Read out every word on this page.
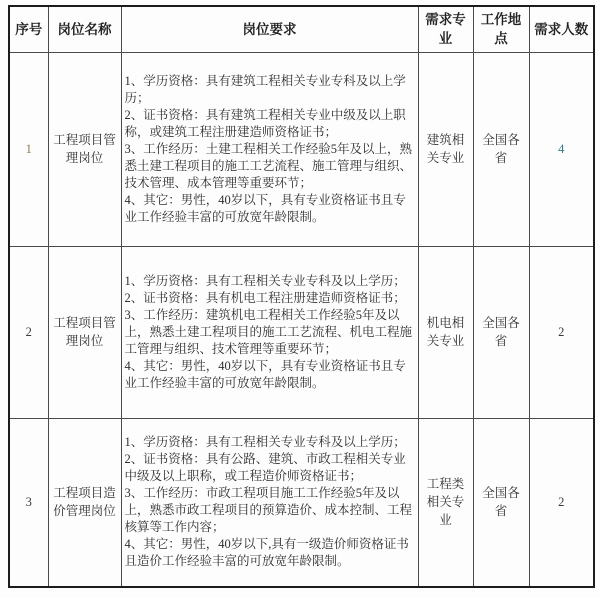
序号	岗位名称	岗位要求	需求专业	工作地点	需求人数
1	工程项目管理岗位	1、学历资格：具有建筑工程相关专业专科及以上学历；
2、证书资格：具有建筑工程相关专业中级及以上职称，或建筑工程注册建造师资格证书；
3、工作经历：土建工程相关工作经验5年及以上，熟悉土建工程项目的施工工艺流程、施工管理与组织、技术管理、成本管理等重要环节；
4、其它：男性，40岁以下，具有专业资格证书且专业工作经验丰富的可放宽年龄限制。	建筑相关专业	全国各省	4
2	工程项目管理岗位	1、学历资格：具有工程相关专业专科及以上学历；
2、证书资格：具有机电工程注册建造师资格证书；
3、工作经历：建筑机电工程相关工作经验5年及以上，熟悉土建工程项目的施工工艺流程、机电工程施工管理与组织、技术管理等重要环节；
4、其它：男性，40岁以下，具有专业资格证书且专业工作经验丰富的可放宽年龄限制。	机电相关专业	全国各省	2
3	工程项目造价管理岗位	1、学历资格：具有工程相关专业专科及以上学历；
2、证书资格：具有公路、建筑、市政工程相关专业中级及以上职称，或工程造价师资格证书；
3、工作经历：市政工程项目施工工作经验5年及以上，熟悉市政工程项目的预算造价、成本控制、工程核算等工作内容；
4、其它：男性，40岁以下,具有一级造价师资格证书且造价工作经验丰富的可放宽年龄限制。	工程类相关专业	全国各省	2
